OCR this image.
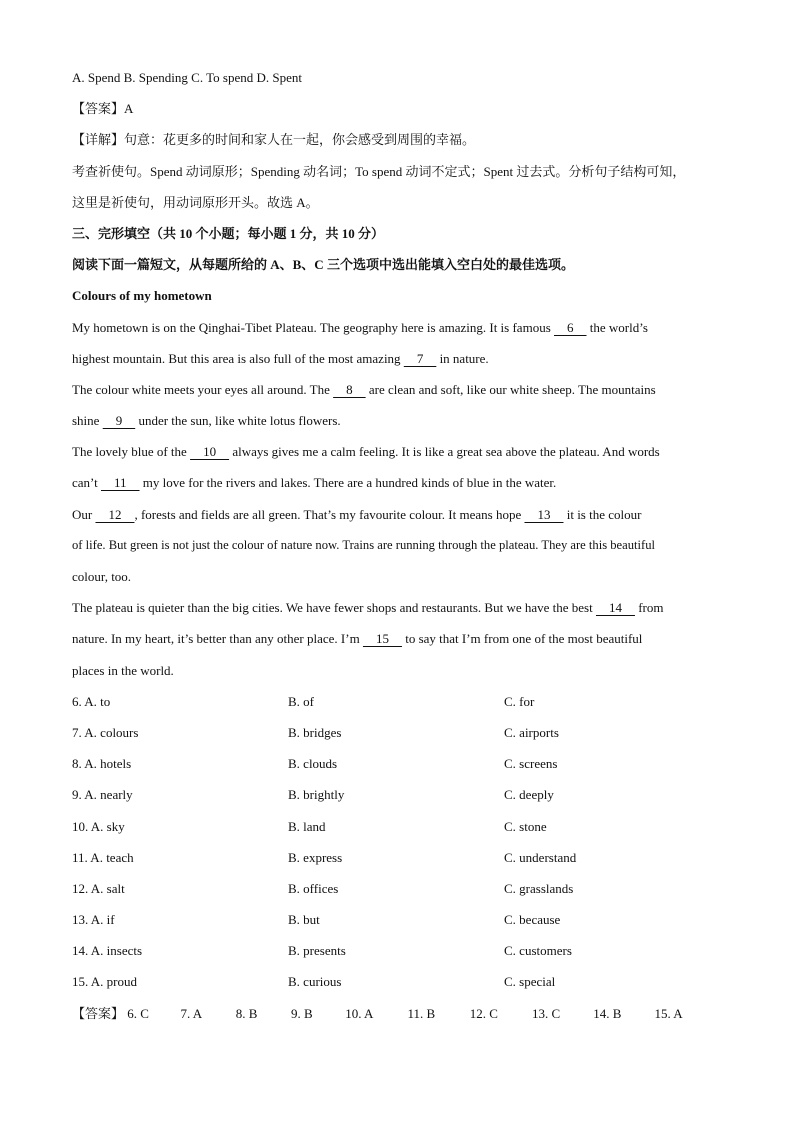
A. Spend B. Spending C. To spend D. Spent
【答案】A
【详解】句意：花更多的时间和家人在一起，你会感受到周围的幸福。
考查祈使句。Spend 动词原形；Spending 动名词；To spend 动词不定式；Spent 过去式。分析句子结构可知，
这里是祈使句，用动词原形开头。故选 A。
三、完形填空（共 10 个小题；每小题 1 分，共 10 分）
阅读下面一篇短文，从每题所给的 A、B、C 三个选项中选出能填入空白处的最佳选项。
Colours of my hometown
My hometown is on the Qinghai-Tibet Plateau. The geography here is amazing. It is famous     6     the world’s
highest mountain. But this area is also full of the most amazing     7     in nature.
The colour white meets your eyes all around. The     8     are clean and soft, like our white sheep. The mountains
shine     9     under the sun, like white lotus flowers.
The lovely blue of the     10     always gives me a calm feeling. It is like a great sea above the plateau. And words
can’t     11     my love for the rivers and lakes. There are a hundred kinds of blue in the water.
Our     12    , forests and fields are all green. That’s my favourite colour. It means hope     13     it is the colour
of life. But green is not just the colour of nature now. Trains are running through the plateau. They are this beautiful
colour, too.
The plateau is quieter than the big cities. We have fewer shops and restaurants. But we have the best     14     from
nature. In my heart, it’s better than any other place. I’m     15     to say that I’m from one of the most beautiful
places in the world.
6. A. to	B. of	C. for
7. A. colours	B. bridges	C. airports
8. A. hotels	B. clouds	C. screens
9. A. nearly	B. brightly	C. deeply
10. A. sky	B. land	C. stone
11. A. teach	B. express	C. understand
12. A. salt	B. offices	C. grasslands
13. A. if	B. but	C. because
14. A. insects	B. presents	C. customers
15. A. proud	B. curious	C. special
【答案】 6. C 7. A	8. B	9. B	10. A	11. B	12. C	13. C	14. B	15. A
